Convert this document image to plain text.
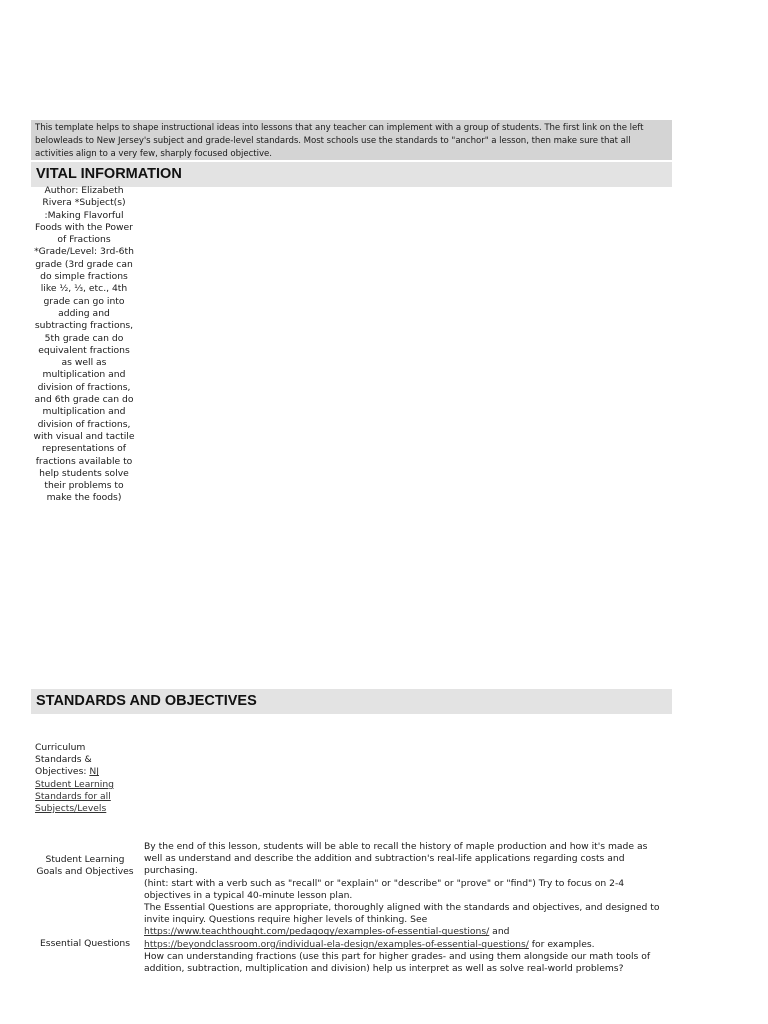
This template helps to shape instructional ideas into lessons that any teacher can implement with a group of students. The first link on the left belowleads to New Jersey's subject and grade-level standards. Most schools use the standards to "anchor" a lesson, then make sure that all activities align to a very few, sharply focused objective.
VITAL INFORMATION
Author: Elizabeth Rivera *Subject(s) :Making Flavorful Foods with the Power of Fractions *Grade/Level: 3rd-6th grade (3rd grade can do simple fractions like ½, ⅓, etc., 4th grade can go into adding and subtracting fractions, 5th grade can do equivalent fractions as well as multiplication and division of fractions, and 6th grade can do multiplication and division of fractions, with visual and tactile representations of fractions available to help students solve their problems to make the foods)
STANDARDS AND OBJECTIVES
Curriculum Standards & Objectives: NJ Student Learning Standards for all Subjects/Levels
Student Learning Goals and Objectives
Essential Questions

By the end of this lesson, students will be able to recall the history of maple production and how it's made as well as understand and describe the addition and subtraction's real-life applications regarding costs and purchasing.

(hint: start with a verb such as "recall" or "explain" or "describe" or "prove" or "find") Try to focus on 2-4 objectives in a typical 40-minute lesson plan.

The Essential Questions are appropriate, thoroughly aligned with the standards and objectives, and designed to invite inquiry. Questions require higher levels of thinking. See
https://www.teachthought.com/pedagogy/examples-of-essential-questions/ and
https://beyondclassroom.org/individual-ela-design/examples-of-essential-questions/ for examples.

How can understanding fractions (use this part for higher grades- and using them alongside our math tools of addition, subtraction, multiplication and division) help us interpret as well as solve real-world problems?
